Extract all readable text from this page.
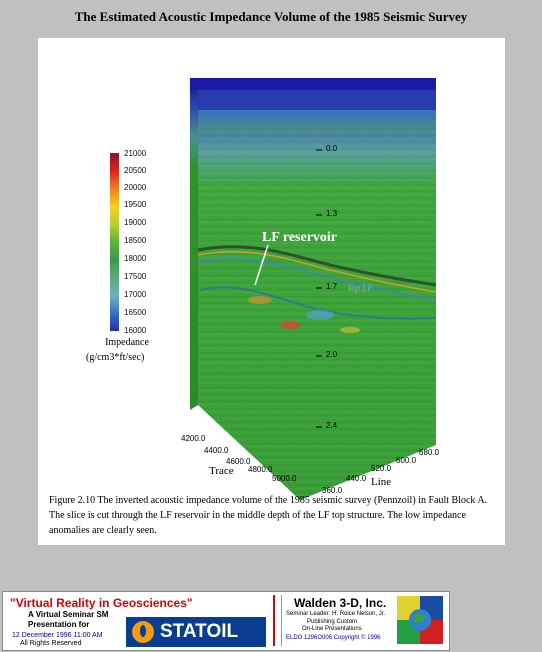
The Estimated Acoustic Impedance Volume of the 1985 Seismic Survey
21000
20500
20000
19500
19000
18500
18000
17500
17000
16500
16000
Impedance
(g/cm3*ft/sec)
LF reservoir
Top LF
0.0
1.3
1.7
2.0
2.4
4200.0
4400.0
4600.0
4800.0
5000.0
Trace
360.0
440.0
520.0
600.0
680.0
Line
Figure 2.10 The inverted acoustic impedance volume of the 1985 seismic survey (Pennzoil) in Fault Block A. The slice is cut through the LF reservoir in the middle depth of the LF top structure. The low impedance anomalies are clearly seen.
"Virtual Reality in Geosciences"
A Virtual Seminar SM
Presentation for
12 December 1996 11:00 AM
All Rights Reserved
STATOIL
Walden 3-D, Inc.
Seminar Leader: H. Roice Nelson, Jr.
Publishing Custom
On-Line Presentations
ELDO 1296O006 Copyright © 1996
